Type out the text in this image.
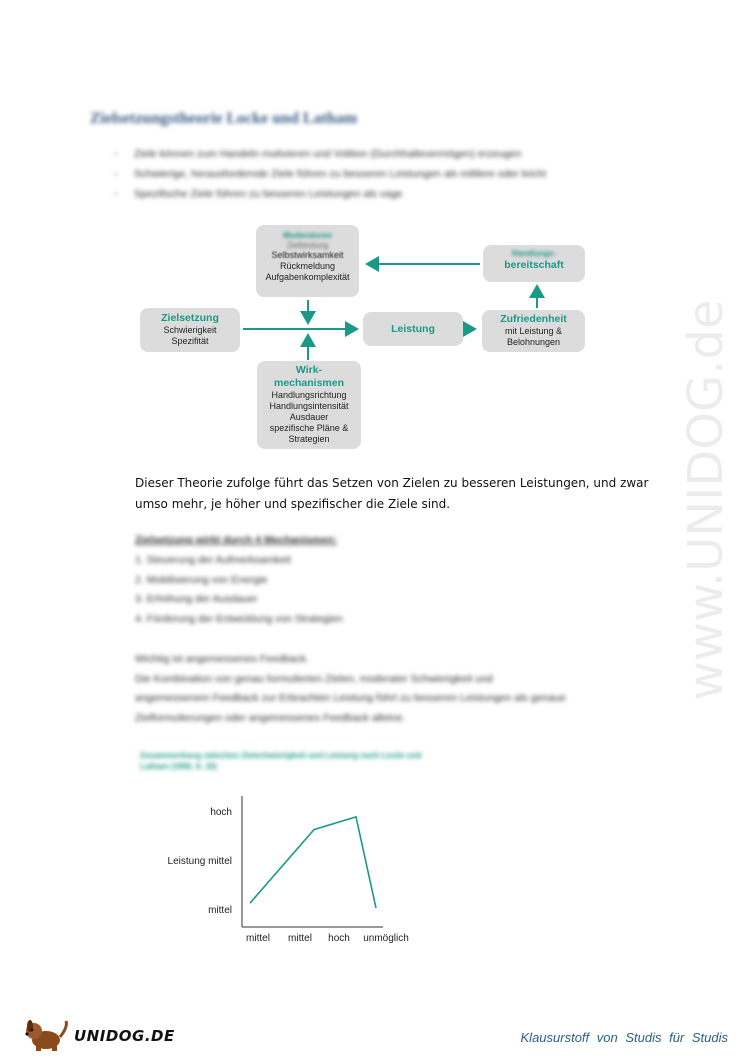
www.UNIDOG.de
Zielsetzungstheorie Locke und Latham
- Ziele können zum Handeln motivieren und Volition (Durchhaltevermögen) erzeugen
- Schwierige, herausfordernde Ziele führen zu besseren Leistungen als mittlere oder leicht
- Spezifische Ziele führen zu besseren Leistungen als vage
Moderatoren
Zielbindung
Selbstwirksamkeit
Rückmeldung
Aufgabenkomplexität
Handlungs-
bereitschaft
Zielsetzung
Schwierigkeit
Spezifität
Leistung
Zufriedenheit
mit Leistung &
Belohnungen
Wirk-
mechanismen
Handlungsrichtung
Handlungsintensität
Ausdauer
spezifische Pläne &
Strategien
Dieser Theorie zufolge führt das Setzen von Zielen zu besseren Leistungen, und zwar umso mehr, je höher und spezifischer die Ziele sind.
Zielsetzung wirkt durch 4 Mechanismen:
1. Steuerung der Aufmerksamkeit
2. Mobilisierung von Energie
3. Erhöhung der Ausdauer
4. Förderung der Entwicklung von Strategien
Wichtig ist angemessenes Feedback.
Die Kombination von genau formulierten Zielen, moderater Schwierigkeit und
angemessenem Feedback zur Erbrachten Leistung führt zu besseren Leistungen als genaue
Zielformulierungen oder angemessenes Feedback alleine.
Zusammenhang zwischen Zielschwierigkeit und Leistung nach Locke und
Latham (1990, S. 33)
mittel mittel hoch unmöglich
mittel
Leistung mittel
hoch
UNIDOG.DE	Klausurstoff von Studis für Studis
